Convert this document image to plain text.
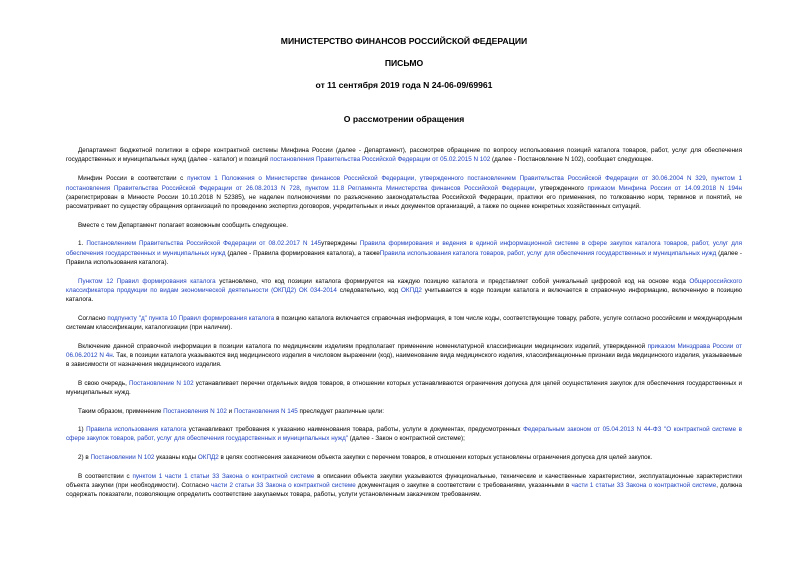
МИНИСТЕРСТВО ФИНАНСОВ РОССИЙСКОЙ ФЕДЕРАЦИИ
ПИСЬМО
от 11 сентября 2019 года N 24-06-09/69961
О рассмотрении обращения

Департамент бюджетной политики в сфере контрактной системы Минфина России (далее - Департамент), рассмотрев обращение по вопросу использования позиций каталога товаров, работ, услуг для обеспечения государственных и муниципальных нужд (далее - каталог) и позиций постановления Правительства Российской Федерации от 05.02.2015 N 102 (далее - Постановление N 102), сообщает следующее.

Минфин России в соответствии с пунктом 1 Положения о Министерстве финансов Российской Федерации, утвержденного постановлением Правительства Российской Федерации от 30.06.2004 N 329, пунктом 1 постановления Правительства Российской Федерации от 26.08.2013 N 728, пунктом 11.8 Регламента Министерства финансов Российской Федерации, утвержденного приказом Минфина России от 14.09.2018 N 194н (зарегистрирован в Минюсте России 10.10.2018 N 52385), не наделен полномочиями по разъяснению законодательства Российской Федерации, практики его применения, по толкованию норм, терминов и понятий, не рассматривает по существу обращения организаций по проведению экспертиз договоров, учредительных и иных документов организаций, а также по оценке конкретных хозяйственных ситуаций.

Вместе с тем Департамент полагает возможным сообщить следующее.

1. Постановлением Правительства Российской Федерации от 08.02.2017 N 145утверждены Правила формирования и ведения в единой информационной системе в сфере закупок каталога товаров, работ, услуг для обеспечения государственных и муниципальных нужд (далее - Правила формирования каталога), а такжеПравила использования каталога товаров, работ, услуг для обеспечения государственных и муниципальных нужд (далее - Правила использования каталога).

Пунктом 12 Правил формирования каталога установлено, что код позиции каталога формируется на каждую позицию каталога и представляет собой уникальный цифровой код на основе кода Общероссийского классификатора продукции по видам экономической деятельности (ОКПД2) ОК 034-2014 следовательно, код ОКПД2 учитывается в коде позиции каталога и включается в справочную информацию, включенную в позицию каталога.

Согласно подпункту "д" пункта 10 Правил формирования каталога в позицию каталога включается справочная информация, в том числе коды, соответствующие товару, работе, услуге согласно российским и международным системам классификации, каталогизации (при наличии).

Включение данной справочной информации в позиции каталога по медицинским изделиям предполагает применение номенклатурной классификации медицинских изделий, утвержденной приказом Минздрава России от 06.06.2012 N 4н. Так, в позиции каталога указываются вид медицинского изделия в числовом выражении (код), наименование вида медицинского изделия, классификационные признаки вида медицинского изделия, указываемые в зависимости от назначения медицинского изделия.

В свою очередь, Постановление N 102 устанавливает перечни отдельных видов товаров, в отношении которых устанавливаются ограничения допуска для целей осуществления закупок для обеспечения государственных и муниципальных нужд.

Таким образом, применение Постановления N 102 и Постановления N 145 преследует различные цели:

1) Правила использования каталога устанавливают требования к указанию наименования товара, работы, услуги в документах, предусмотренных Федеральным законом от 05.04.2013 N 44-ФЗ "О контрактной системе в сфере закупок товаров, работ, услуг для обеспечения государственных и муниципальных нужд" (далее - Закон о контрактной системе);

2) в Постановлении N 102 указаны коды ОКПД2 в целях соотнесения заказчиком объекта закупки с перечнем товаров, в отношении которых установлены ограничения допуска для целей закупок.

В соответствии с пунктом 1 части 1 статьи 33 Закона о контрактной системе в описании объекта закупки указываются функциональные, технические и качественные характеристики, эксплуатационные характеристики объекта закупки (при необходимости). Согласно части 2 статьи 33 Закона о контрактной системе документация о закупке в соответствии с требованиями, указанными в части 1 статьи 33 Закона о контрактной системе, должна содержать показатели, позволяющие определить соответствие закупаемых товара, работы, услуги установленным заказчиком требованиям.
